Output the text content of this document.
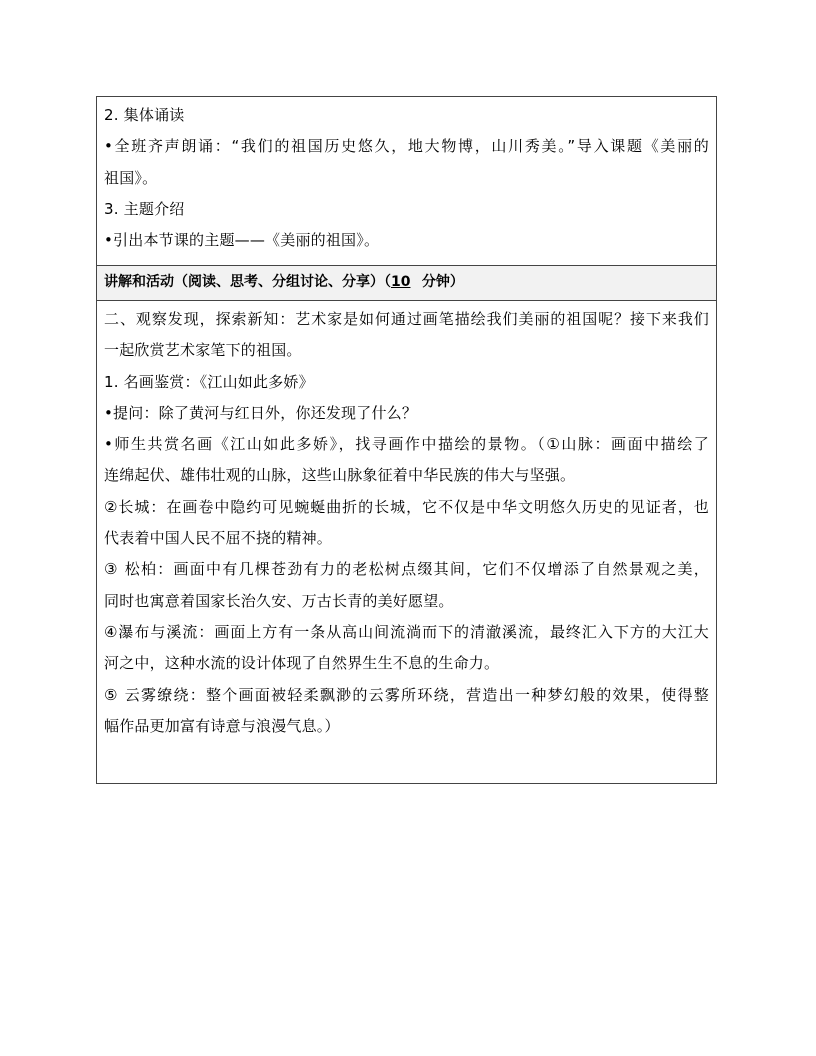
2. 集体诵读
•全班齐声朗诵：“我们的祖国历史悠久，地大物博，山川秀美。”导入课题《美丽的
祖国》。
3. 主题介绍
•引出本节课的主题——《美丽的祖国》。
讲解和活动（阅读、思考、分组讨论、分享）（10 分钟）
二、观察发现，探索新知：艺术家是如何通过画笔描绘我们美丽的祖国呢？接下来我们
一起欣赏艺术家笔下的祖国。
1. 名画鉴赏：《江山如此多娇》
•提问：除了黄河与红日外，你还发现了什么？
•师生共赏名画《江山如此多娇》，找寻画作中描绘的景物。（①山脉：画面中描绘了
连绵起伏、雄伟壮观的山脉，这些山脉象征着中华民族的伟大与坚强。
②长城：在画卷中隐约可见蜿蜒曲折的长城，它不仅是中华文明悠久历史的见证者，也
代表着中国人民不屈不挠的精神。
③ 松柏：画面中有几棵苍劲有力的老松树点缀其间，它们不仅增添了自然景观之美，
同时也寓意着国家长治久安、万古长青的美好愿望。
④瀑布与溪流：画面上方有一条从高山间流淌而下的清澈溪流，最终汇入下方的大江大
河之中，这种水流的设计体现了自然界生生不息的生命力。
⑤ 云雾缭绕：整个画面被轻柔飘渺的云雾所环绕，营造出一种梦幻般的效果，使得整
幅作品更加富有诗意与浪漫气息。）
